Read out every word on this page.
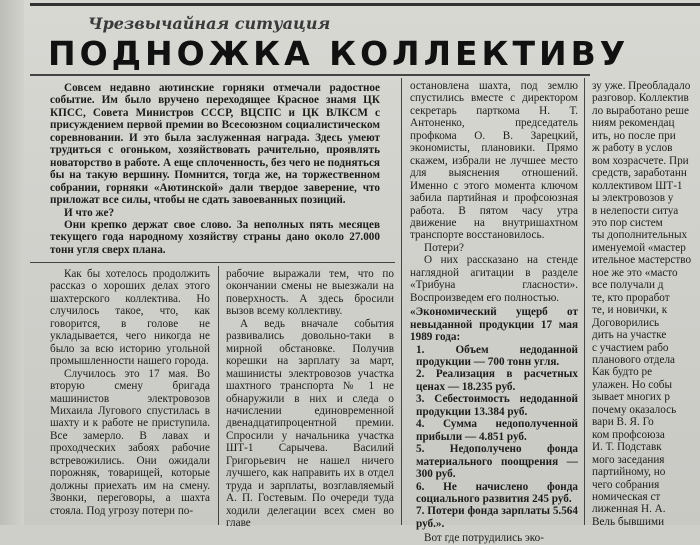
Чрезвычайная ситуация
ПОДНОЖКА КОЛЛЕКТИВУ

Совсем недавно аютинские горняки отмечали радостное событие. Им было вручено переходящее Красное знамя ЦК КПСС, Совета Министров СССР, ВЦСПС и ЦК ВЛКСМ с присуждением первой премии во Всесоюзном социалистическом соревновании. И это была заслуженная награда. Здесь умеют трудиться с огоньком, хозяйствовать рачительно, проявлять новаторство в работе. А еще сплоченность, без чего не подняться бы на такую вершину. Помнится, тогда же, на торжественном собрании, горняки «Аютинской» дали твердое заверение, что приложат все силы, чтобы не сдать завоеванных позиций.

И что же?

Они крепко держат свое слово. За неполных пять месяцев текущего года народному хозяйству страны дано около 27.000 тонн угля сверх плана.

Как бы хотелось продолжить рассказ о хороших делах этого шахтерского коллектива. Но случилось такое, что, как говорится, в голове не укладывается, чего никогда не было за всю историю угольной промышленности нашего города.

Случилось это 17 мая. Во вторую смену бригада машинистов электровозов Михаила Лугового спустилась в шахту и к работе не приступила. Все замерло. В лавах и проходческих забоях рабочие встревожились. Они ожидали порожняк, товарищей, которые должны приехать им на смену. Звонки, переговоры, а шахта стояла. Под угрозу потери по-

рабочие выражали тем, что по окончании смены не выезжали на поверхность. А здесь бросили вызов всему коллективу.

А ведь вначале события развивались довольно-таки в мирной обстановке. Получив корешки на зарплату за март, машинисты электровозов участка шахтного транспорта № 1 не обнаружили в них и следа о начислении единовременной двенадцатипроцентной премии. Спросили у начальника участка ШТ-1 Сарычева. Василий Григорьевич не нашел ничего лучшего, как направить их в отдел труда и зарплаты, возглавляемый А. П. Гостевым. По очереди туда ходили делегации всех смен во главе

остановлена шахта, под землю спустились вместе с директором секретарь парткома Н. Т. Антоненко, председатель профкома О. В. Зарецкий, экономисты, плановики. Прямо скажем, избрали не лучшее место для выяснения отношений. Именно с этого момента ключом забила партийная и профсоюзная работа. В пятом часу утра движение на внутришахтном транспорте восстановилось.

Потери?

О них рассказано на стенде наглядной агитации в разделе «Трибуна гласности». Воспроизведем его полностью.

«Экономический ущерб от невыданной продукции 17 мая 1989 года:

1. Объем недоданной продукции — 700 тонн угля.

2. Реализация в расчетных ценах — 18.235 руб.

3. Себестоимость недоданной продукции 13.384 руб.

4. Сумма недополученной прибыли — 4.851 руб.

5. Недополучено фонда материального поощрения — 300 руб.

6. Не начислено фонда социального развития 245 руб.

7. Потери фонда зарплаты 5.564 руб.».

Вот где потрудились эко-

зу уже. Преобладало
разговор. Коллектив
ло выработано реше
ниям рекомендац
ить, но после при
ж работу в услов
вом хозрасчете. При
средств, заработанн
коллективом ШТ-1
ы электровозов у
в нелепости ситуа
это пор систем
ты дополнительных
именуемой «мастер
ительное мастерство
ное же это «масто
все получали д
те, кто проработ
те, и новички, к
Договорились
дить на участке
с участием рабо
планового отдела
Как будто ре
улажен. Но собы
зывает многих р
почему оказалось
вари В. Я. Го
ком профсоюза
И. Т. Подставк
мого заседания
партийному, но
чего собрания
номическая ст
лиженная Н. А.
Вель бывшими
